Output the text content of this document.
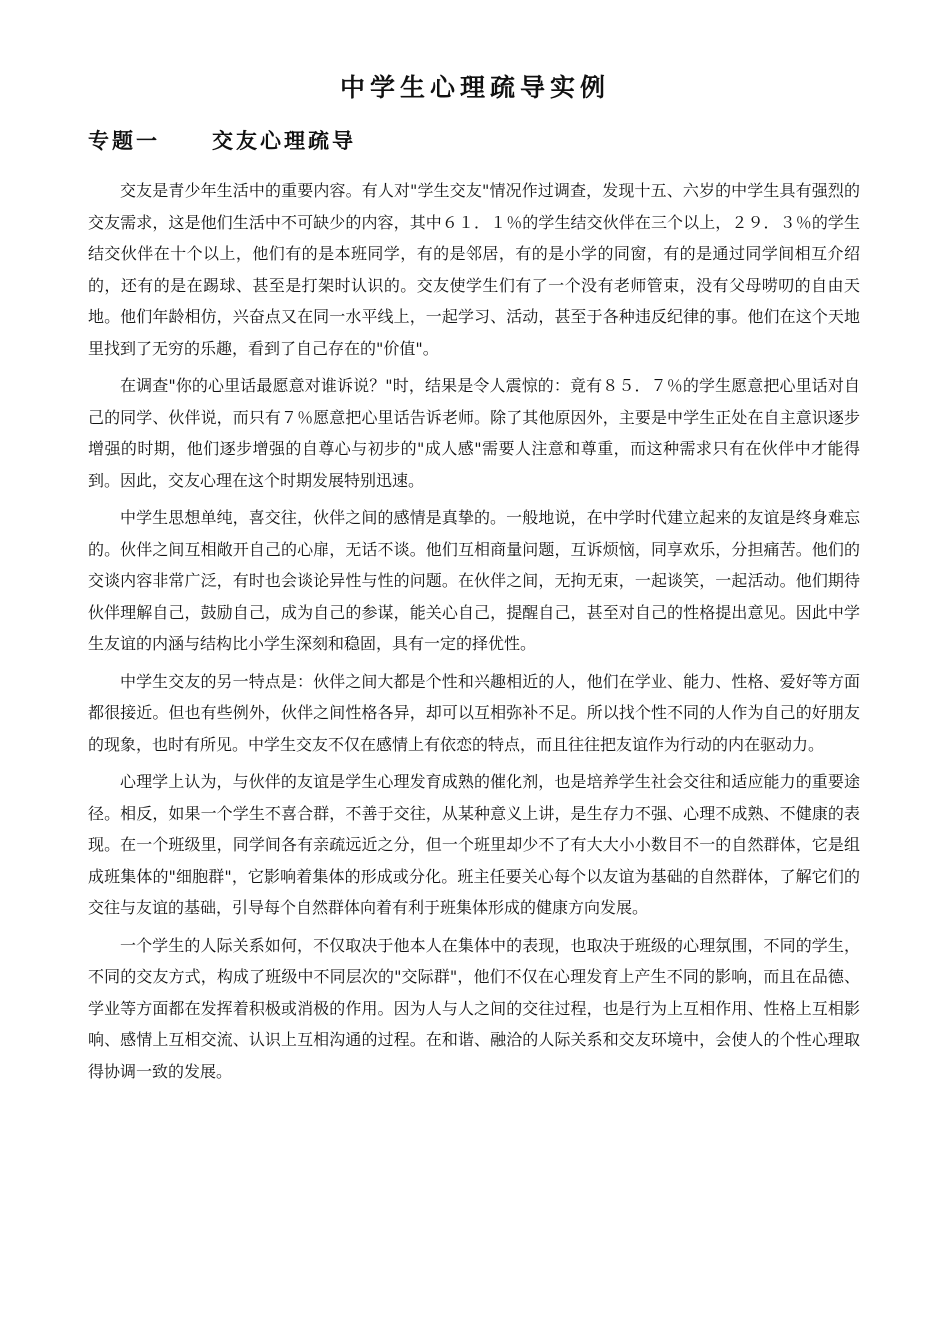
中学生心理疏导实例
专题一 交友心理疏导

交友是青少年生活中的重要内容。有人对"学生交友"情况作过调查，发现十五、六岁的中学生具有强烈的交友需求，这是他们生活中不可缺少的内容，其中６１．１％的学生结交伙伴在三个以上，２９．３％的学生结交伙伴在十个以上，他们有的是本班同学，有的是邻居，有的是小学的同窗，有的是通过同学间相互介绍的，还有的是在踢球、甚至是打架时认识的。交友使学生们有了一个没有老师管束，没有父母唠叨的自由天地。他们年龄相仿，兴奋点又在同一水平线上，一起学习、活动，甚至于各种违反纪律的事。他们在这个天地里找到了无穷的乐趣，看到了自己存在的"价值"。

在调查"你的心里话最愿意对谁诉说？"时，结果是令人震惊的：竟有８５．７％的学生愿意把心里话对自己的同学、伙伴说，而只有７％愿意把心里话告诉老师。除了其他原因外，主要是中学生正处在自主意识逐步增强的时期，他们逐步增强的自尊心与初步的"成人感"需要人注意和尊重，而这种需求只有在伙伴中才能得到。因此，交友心理在这个时期发展特别迅速。

中学生思想单纯，喜交往，伙伴之间的感情是真挚的。一般地说，在中学时代建立起来的友谊是终身难忘的。伙伴之间互相敞开自己的心扉，无话不谈。他们互相商量问题，互诉烦恼，同享欢乐，分担痛苦。他们的交谈内容非常广泛，有时也会谈论异性与性的问题。在伙伴之间，无拘无束，一起谈笑，一起活动。他们期待伙伴理解自己，鼓励自己，成为自己的参谋，能关心自己，提醒自己，甚至对自己的性格提出意见。因此中学生友谊的内涵与结构比小学生深刻和稳固，具有一定的择优性。

中学生交友的另一特点是：伙伴之间大都是个性和兴趣相近的人，他们在学业、能力、性格、爱好等方面都很接近。但也有些例外，伙伴之间性格各异，却可以互相弥补不足。所以找个性不同的人作为自己的好朋友的现象，也时有所见。中学生交友不仅在感情上有依恋的特点，而且往往把友谊作为行动的内在驱动力。

心理学上认为，与伙伴的友谊是学生心理发育成熟的催化剂，也是培养学生社会交往和适应能力的重要途径。相反，如果一个学生不喜合群，不善于交往，从某种意义上讲，是生存力不强、心理不成熟、不健康的表现。在一个班级里，同学间各有亲疏远近之分，但一个班里却少不了有大大小小数目不一的自然群体，它是组成班集体的"细胞群"，它影响着集体的形成或分化。班主任要关心每个以友谊为基础的自然群体，了解它们的交往与友谊的基础，引导每个自然群体向着有利于班集体形成的健康方向发展。

一个学生的人际关系如何，不仅取决于他本人在集体中的表现，也取决于班级的心理氛围，不同的学生，不同的交友方式，构成了班级中不同层次的"交际群"，他们不仅在心理发育上产生不同的影响，而且在品德、学业等方面都在发挥着积极或消极的作用。因为人与人之间的交往过程，也是行为上互相作用、性格上互相影响、感情上互相交流、认识上互相沟通的过程。在和谐、融洽的人际关系和交友环境中，会使人的个性心理取得协调一致的发展。
